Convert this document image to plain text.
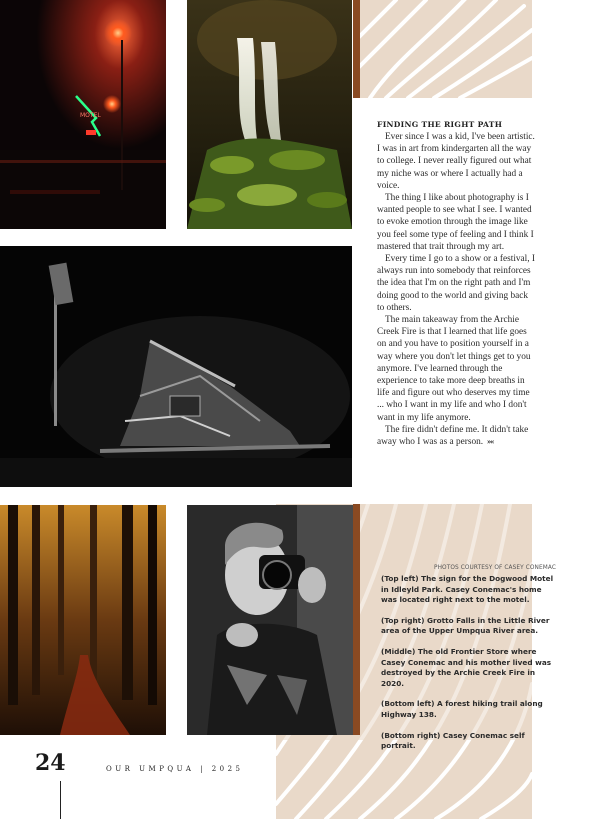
MOTEL
FINDING THE RIGHT PATH

Ever since I was a kid, I've been artistic. I was in art from kindergarten all the way to college. I never really figured out what my niche was or where I actually had a voice.

The thing I like about photography is I wanted people to see what I see. I wanted to evoke emotion through the image like you feel some type of feeling and I think I mastered that trait through my art.

Every time I go to a show or a festival, I always run into somebody that reinforces the idea that I'm on the right path and I'm doing good to the world and giving back to others.

The main takeaway from the Archie Creek Fire is that I learned that life goes on and you have to position yourself in a way where you don't let things get to you anymore. I've learned through the experience to take more deep breaths in life and figure out who deserves my time ... who I want in my life and who I don't want in my life anymore.

The fire didn't define me. It didn't take away who I was as a person. »«

PHOTOS COURTESY OF CASEY CONEMAC

(Top left) The sign for the Dogwood Motel in Idleyld Park. Casey Conemac's home was located right next to the motel.

(Top right) Grotto Falls in the Little River area of the Upper Umpqua River area.

(Middle) The old Frontier Store where Casey Conemac and his mother lived was destroyed by the Archie Creek Fire in 2020.

(Bottom left) A forest hiking trail along Highway 138.

(Bottom right) Casey Conemac self portrait.

24	OUR UMPQUA | 2025
